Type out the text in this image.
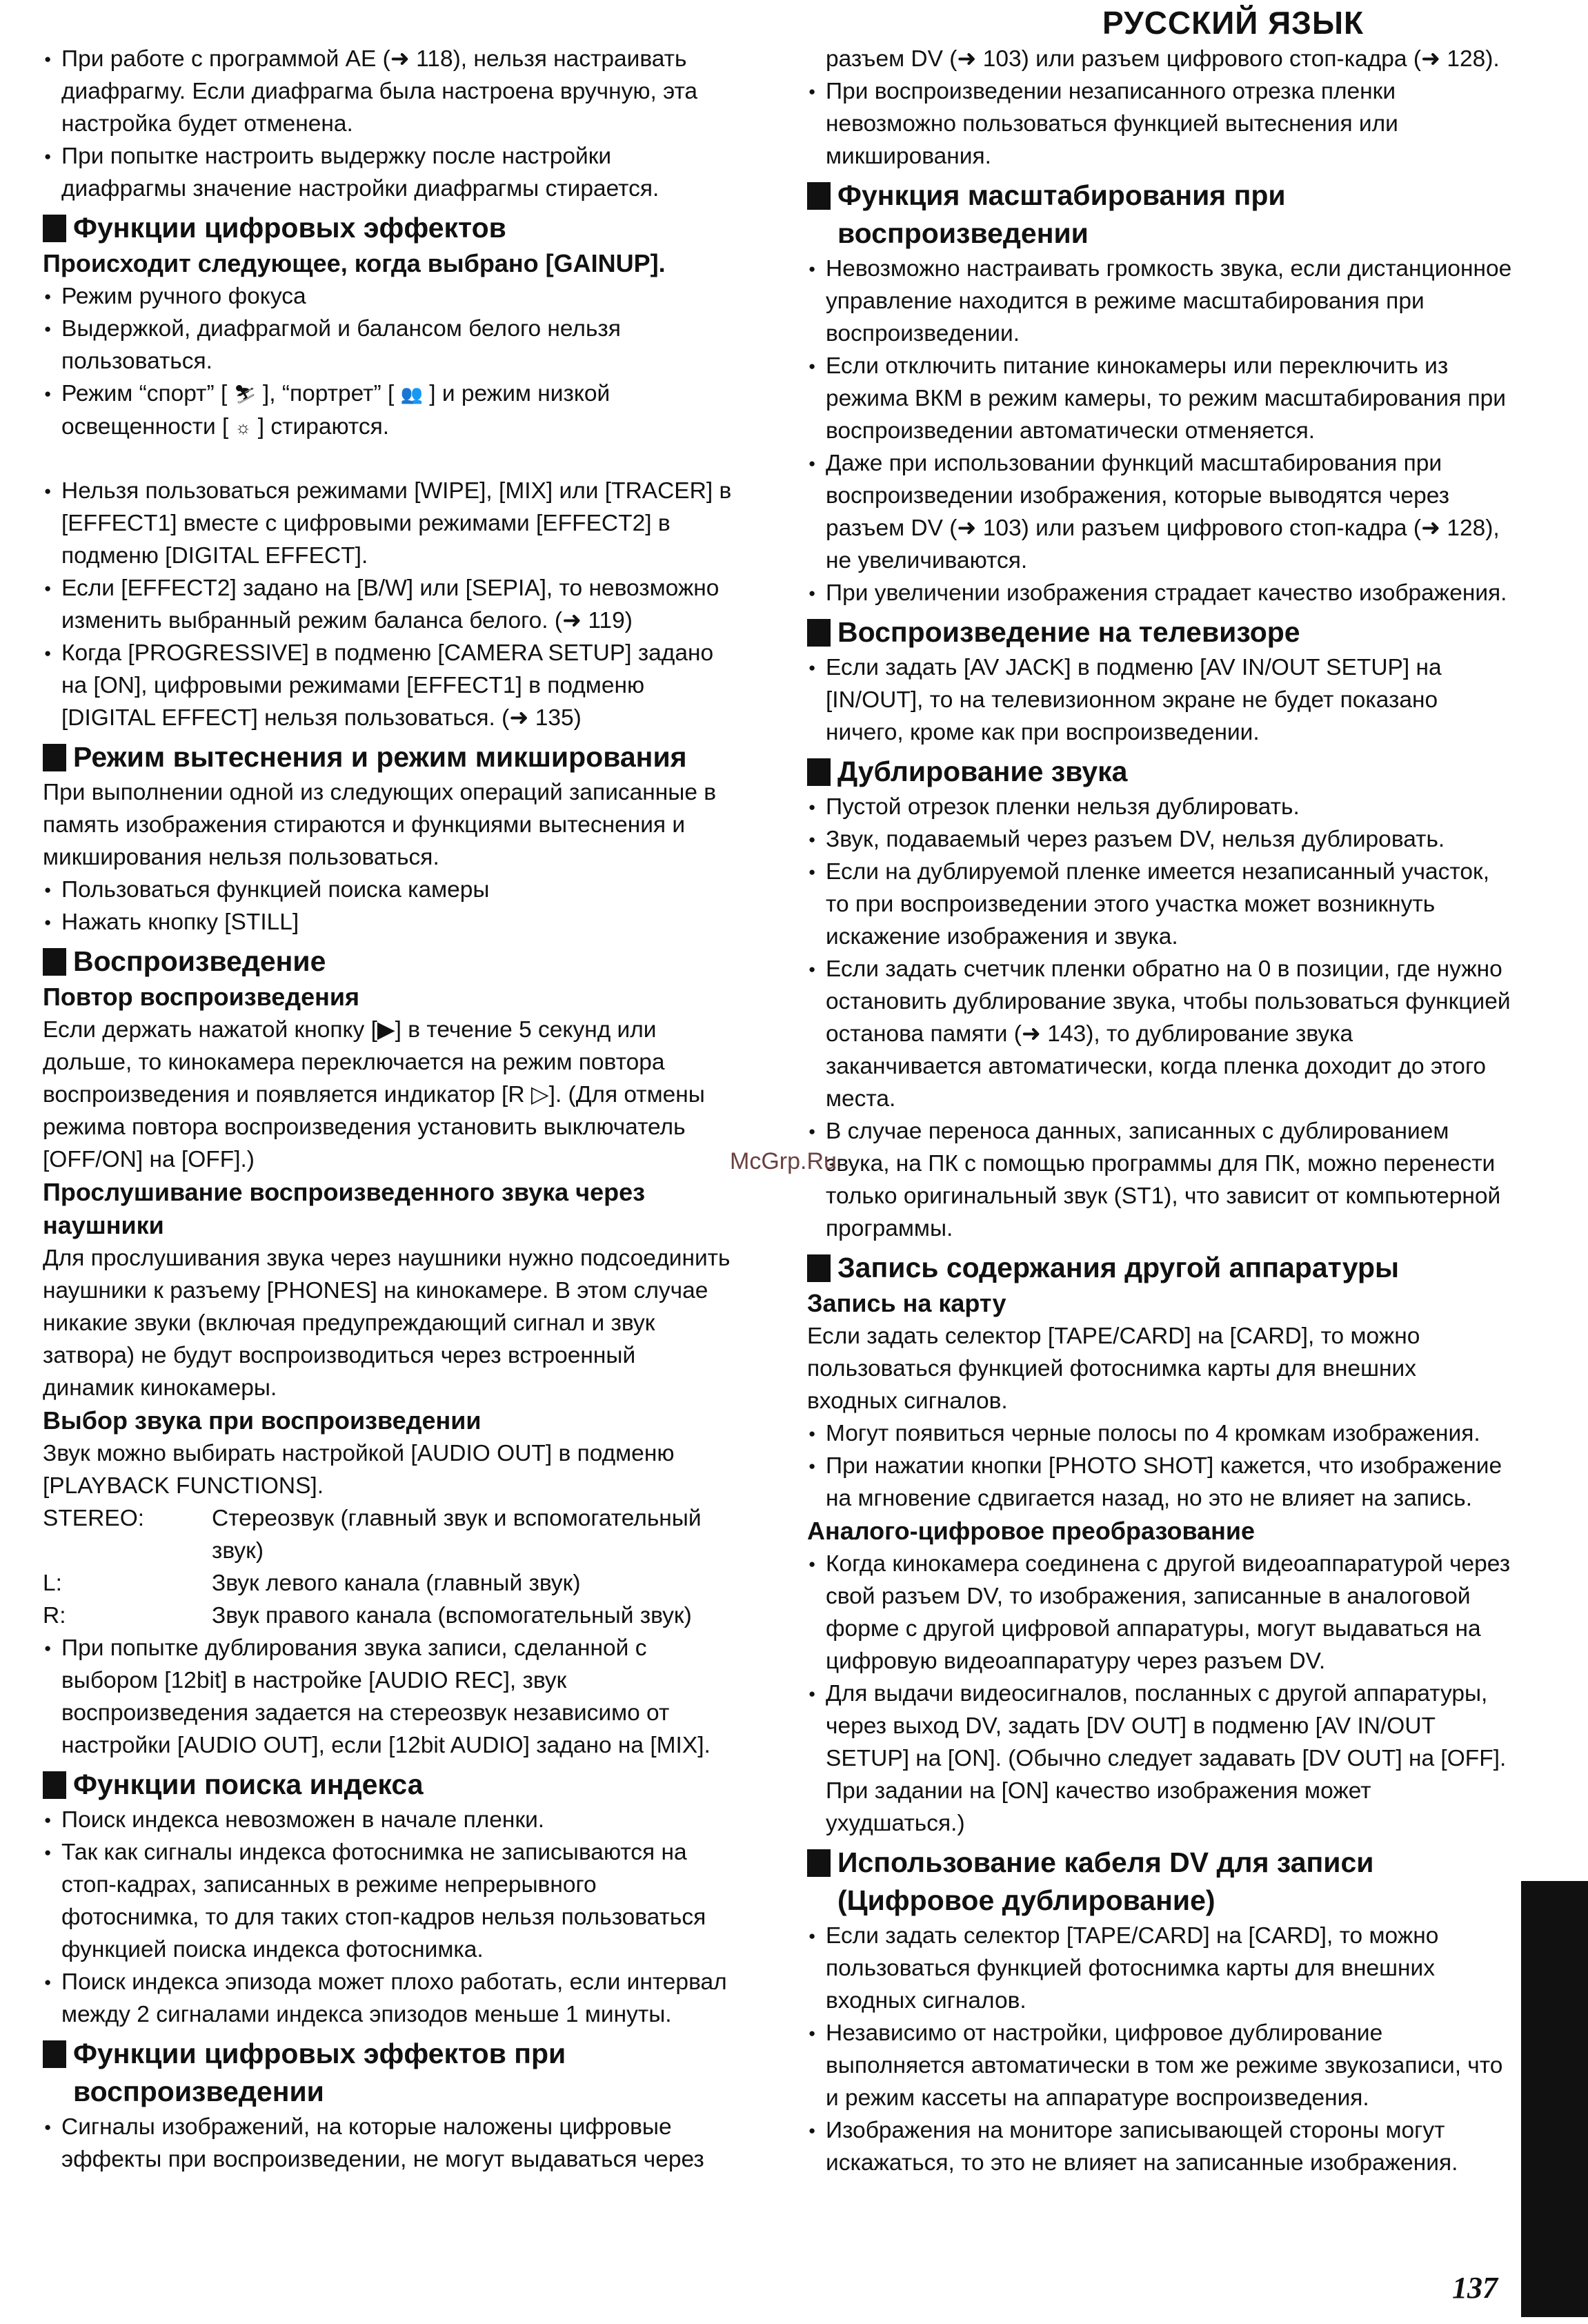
РУССКИЙ ЯЗЫК

● При работе с программой AE (➜ 118), нельзя настраивать диафрагму. Если диафрагма была настроена вручную, эта настройка будет отменена.

● При попытке настроить выдержку после настройки диафрагмы значение настройки диафрагмы стирается.

Функции цифровых эффектов
Происходит следующее, когда выбрано [GAINUP].

● Режим ручного фокуса

● Выдержкой, диафрагмой и балансом белого нельзя пользоваться.

● Режим “спорт” [ ⛷ ], “портрет” [ 👥 ] и режим низкой освещенности [ ☼ ] стираются.

● Нельзя пользоваться режимами [WIPE], [MIX] или [TRACER] в [EFFECT1] вместе с цифровыми режимами [EFFECT2] в подменю [DIGITAL EFFECT].

● Если [EFFECT2] задано на [B/W] или [SEPIA], то невозможно изменить выбранный режим баланса белого. (➜ 119)

● Когда [PROGRESSIVE] в подменю [CAMERA SETUP] задано на [ON], цифровыми режимами [EFFECT1] в подменю [DIGITAL EFFECT] нельзя пользоваться. (➜ 135)

Режим вытеснения и режим микширования

При выполнении одной из следующих операций записанные в память изображения стираются и функциями вытеснения и микширования нельзя пользоваться.

● Пользоваться функцией поиска камеры

● Нажать кнопку [STILL]

Воспроизведение
Повтор воспроизведения

Если держать нажатой кнопку [▶] в течение 5 секунд или дольше, то кинокамера переключается на режим повтора воспроизведения и появляется индикатор [R ▷]. (Для отмены режима повтора воспроизведения установить выключатель [OFF/ON] на [OFF].)

Прослушивание воспроизведенного звука через наушники

Для прослушивания звука через наушники нужно подсоединить наушники к разъему [PHONES] на кинокамере. В этом случае никакие звуки (включая предупреждающий сигнал и звук затвора) не будут воспроизводиться через встроенный динамик кинокамеры.

Выбор звука при воспроизведении

Звук можно выбирать настройкой [AUDIO OUT] в подменю [PLAYBACK FUNCTIONS].

STEREO:	Стереозвук (главный звук и вспомогательный звук)
L:	Звук левого канала (главный звук)
R:	Звук правого канала (вспомогательный звук)

● При попытке дублирования звука записи, сделанной с выбором [12bit] в настройке [AUDIO REC], звук воспроизведения задается на стереозвук независимо от настройки [AUDIO OUT], если [12bit AUDIO] задано на [MIX].

Функции поиска индекса

● Поиск индекса невозможен в начале пленки.

● Так как сигналы индекса фотоснимка не записываются на стоп-кадрах, записанных в режиме непрерывного фотоснимка, то для таких стоп-кадров нельзя пользоваться функцией поиска индекса фотоснимка.

● Поиск индекса эпизода может плохо работать, если интервал между 2 сигналами индекса эпизодов меньше 1 минуты.

Функции цифровых эффектов при
воспроизведении

● Сигналы изображений, на которые наложены цифровые эффекты при воспроизведении, не могут выдаваться через

разъем DV (➜ 103) или разъем цифрового стоп-кадра (➜ 128).

● При воспроизведении незаписанного отрезка пленки невозможно пользоваться функцией вытеснения или микширования.

Функция масштабирования при
воспроизведении

● Невозможно настраивать громкость звука, если дистанционное управление находится в режиме масштабирования при воспроизведении.

● Если отключить питание кинокамеры или переключить из режима ВКМ в режим камеры, то режим масштабирования при воспроизведении автоматически отменяется.

● Даже при использовании функций масштабирования при воспроизведении изображения, которые выводятся через разъем DV (➜ 103) или разъем цифрового стоп-кадра (➜ 128), не увеличиваются.

● При увеличении изображения страдает качество изображения.

Воспроизведение на телевизоре

● Если задать [AV JACK] в подменю [AV IN/OUT SETUP] на [IN/OUT], то на телевизионном экране не будет показано ничего, кроме как при воспроизведении.

Дублирование звука

● Пустой отрезок пленки нельзя дублировать.

● Звук, подаваемый через разъем DV, нельзя дублировать.

● Если на дублируемой пленке имеется незаписанный участок, то при воспроизведении этого участка может возникнуть искажение изображения и звука.

● Если задать счетчик пленки обратно на 0 в позиции, где нужно остановить дублирование звука, чтобы пользоваться функцией останова памяти (➜ 143), то дублирование звука заканчивается автоматически, когда пленка доходит до этого места.

● В случае переноса данных, записанных с дублированием звука, на ПК с помощью программы для ПК, можно перенести только оригинальный звук (ST1), что зависит от компьютерной программы.

Запись содержания другой аппаратуры
Запись на карту

Если задать селектор [TAPE/CARD] на [CARD], то можно пользоваться функцией фотоснимка карты для внешних входных сигналов.

● Могут появиться черные полосы по 4 кромкам изображения.

● При нажатии кнопки [PHOTO SHOT] кажется, что изображение на мгновение сдвигается назад, но это не влияет на запись.

Аналого-цифровое преобразование

● Когда кинокамера соединена с другой видеоаппаратурой через свой разъем DV, то изображения, записанные в аналоговой форме с другой цифровой аппаратуры, могут выдаваться на цифровую видеоаппаратуру через разъем DV.

● Для выдачи видеосигналов, посланных с другой аппаратуры, через выход DV, задать [DV OUT] в подменю [AV IN/OUT SETUP] на [ON]. (Обычно следует задавать [DV OUT] на [OFF]. При задании на [ON] качество изображения может ухудшаться.)

Использование кабеля DV для записи
(Цифровое дублирование)

● Если задать селектор [TAPE/CARD] на [CARD], то можно пользоваться функцией фотоснимка карты для внешних входных сигналов.

● Независимо от настройки, цифровое дублирование выполняется автоматически в том же режиме звукозаписи, что и режим кассеты на аппаратуре воспроизведения.

● Изображения на мониторе записывающей стороны могут искажаться, то это не влияет на записанные изображения.

McGrp.Ru
137
